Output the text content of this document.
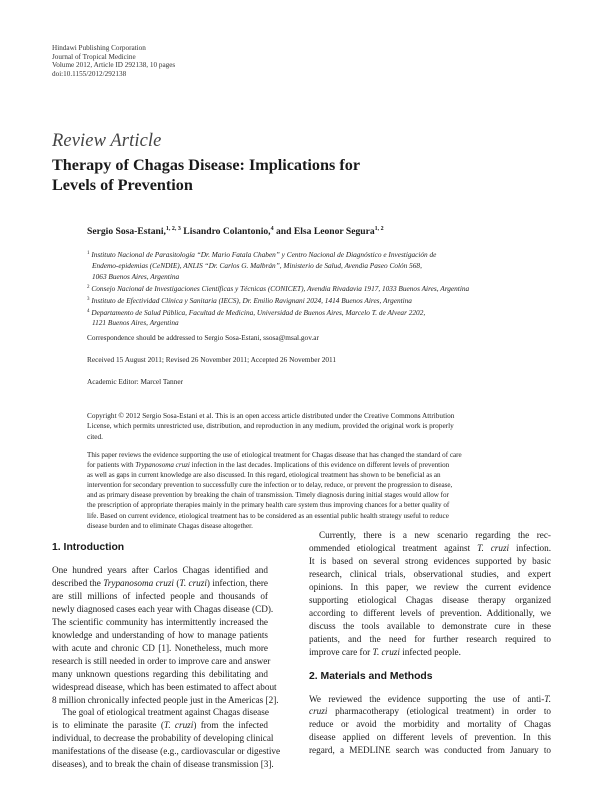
Hindawi Publishing Corporation
Journal of Tropical Medicine
Volume 2012, Article ID 292138, 10 pages
doi:10.1155/2012/292138
Review Article
Therapy of Chagas Disease: Implications for
Levels of Prevention
Sergio Sosa-Estani,$^{1, 2, 3}$ Lisandro Colantonio,$^4$ and Elsa Leonor Segura$^{1, 2}$
$^1$ Instituto Nacional de Parasitología “Dr. Mario Fatala Chaben” y Centro Nacional de Diagnóstico e Investigación de
Endemo-epidemias (CeNDIE), ANLIS “Dr. Carlos G. Malbrán”, Ministerio de Salud, Avendia Paseo Colón 568,
1063 Buenos Aires, Argentina
$^2$ Consejo Nacional de Investigaciones Científicas y Técnicas (CONICET), Avendia Rivadavia 1917, 1033 Buenos Aires, Argentina
$^3$ Instituto de Efectividad Clínica y Sanitaria (IECS), Dr. Emilio Ravignani 2024, 1414 Buenos Aires, Argentina
$^4$ Departamento de Salud Pública, Facultad de Medicina, Universidad de Buenos Aires, Marcelo T. de Alvear 2202,
1121 Buenos Aires, Argentina
Correspondence should be addressed to Sergio Sosa-Estani, ssosa@msal.gov.ar
Received 15 August 2011; Revised 26 November 2011; Accepted 26 November 2011
Academic Editor: Marcel Tanner
Copyright © 2012 Sergio Sosa-Estani et al. This is an open access article distributed under the Creative Commons Attribution
License, which permits unrestricted use, distribution, and reproduction in any medium, provided the original work is properly
cited.
This paper reviews the evidence supporting the use of etiological treatment for Chagas disease that has changed the standard of care
for patients with Trypanosoma cruzi infection in the last decades. Implications of this evidence on different levels of prevention
as well as gaps in current knowledge are also discussed. In this regard, etiological treatment has shown to be beneficial as an
intervention for secondary prevention to successfully cure the infection or to delay, reduce, or prevent the progression to disease,
and as primary disease prevention by breaking the chain of transmission. Timely diagnosis during initial stages would allow for
the prescription of appropriate therapies mainly in the primary health care system thus improving chances for a better quality of
life. Based on current evidence, etiological treatment has to be considered as an essential public health strategy useful to reduce
disease burden and to eliminate Chagas disease altogether.
1. Introduction
One hundred years after Carlos Chagas identified and
described the Trypanosoma cruzi (T. cruzi) infection, there
are still millions of infected people and thousands of
newly diagnosed cases each year with Chagas disease (CD).
The scientific community has intermittently increased the
knowledge and understanding of how to manage patients
with acute and chronic CD [1]. Nonetheless, much more
research is still needed in order to improve care and answer
many unknown questions regarding this debilitating and
widespread disease, which has been estimated to affect about
8 million chronically infected people just in the Americas [2].
The goal of etiological treatment against Chagas disease
is to eliminate the parasite (T. cruzi) from the infected
individual, to decrease the probability of developing clinical
manifestations of the disease (e.g., cardiovascular or digestive
diseases), and to break the chain of disease transmission [3].
Currently, there is a new scenario regarding the rec-
ommended etiological treatment against T. cruzi infection.
It is based on several strong evidences supported by basic
research, clinical trials, observational studies, and expert
opinions. In this paper, we review the current evidence
supporting etiological Chagas disease therapy organized
according to different levels of prevention. Additionally, we
discuss the tools available to demonstrate cure in these
patients, and the need for further research required to
improve care for T. cruzi infected people.
2. Materials and Methods
We reviewed the evidence supporting the use of anti-T.
cruzi pharmacotherapy (etiological treatment) in order to
reduce or avoid the morbidity and mortality of Chagas
disease applied on different levels of prevention. In this
regard, a MEDLINE search was conducted from January to
